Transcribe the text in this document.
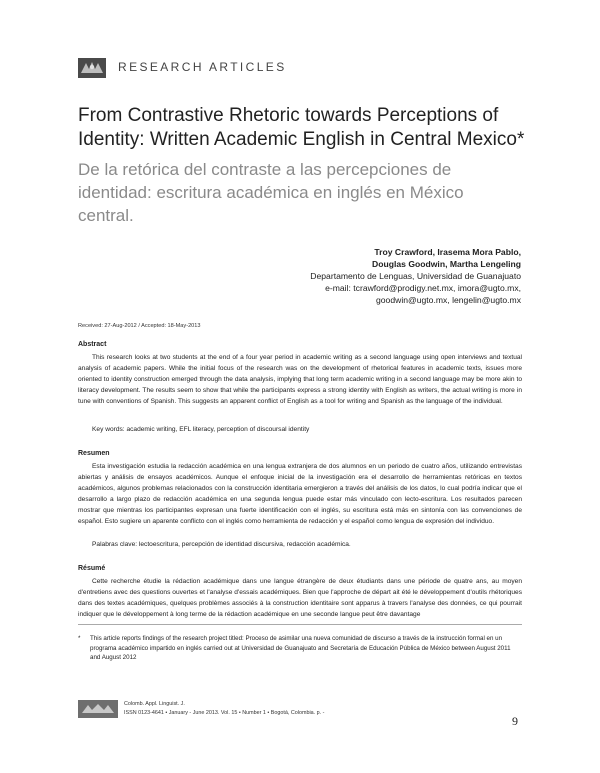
RESEARCH ARTICLES
From Contrastive Rhetoric towards Perceptions of Identity: Written Academic English in Central Mexico*
De la retórica del contraste a las percepciones de identidad: escritura académica en inglés en México central.
Troy Crawford, Irasema Mora Pablo,
Douglas Goodwin, Martha Lengeling
Departamento de Lenguas, Universidad de Guanajuato
e-mail: tcrawford@prodigy.net.mx, imora@ugto.mx,
goodwin@ugto.mx, lengelin@ugto.mx
Received: 27-Aug-2012 / Accepted: 18-May-2013
Abstract
This research looks at two students at the end of a four year period in academic writing as a second language using open interviews and textual analysis of academic papers. While the initial focus of the research was on the development of rhetorical features in academic texts, issues more oriented to identity construction emerged through the data analysis, implying that long term academic writing in a second language may be more akin to literacy development. The results seem to show that while the participants express a strong identity with English as writers, the actual writing is more in tune with conventions of Spanish. This suggests an apparent conflict of English as a tool for writing and Spanish as the language of the individual.
Key words: academic writing, EFL literacy, perception of discoursal identity
Resumen
Esta investigación estudia la redacción académica en una lengua extranjera de dos alumnos en un periodo de cuatro años, utilizando entrevistas abiertas y análisis de ensayos académicos. Aunque el enfoque inicial de la investigación era el desarrollo de herramientas retóricas en textos académicos, algunos problemas relacionados con la construcción identitaria emergieron a través del análisis de los datos, lo cual podría indicar que el desarrollo a largo plazo de redacción académica en una segunda lengua puede estar más vinculado con lecto-escritura. Los resultados parecen mostrar que mientras los participantes expresan una fuerte identificación con el inglés, su escritura está más en sintonía con las convenciones de español. Esto sugiere un aparente conflicto con el inglés como herramienta de redacción y el español como lengua de expresión del individuo.
Palabras clave: lectoescritura, percepción de identidad discursiva, redacción académica.
Résumé
Cette recherche étudie la rédaction académique dans une langue étrangère de deux étudiants dans une période de quatre ans, au moyen d'entretiens avec des questions ouvertes et l'analyse d'essais académiques. Bien que l'approche de départ ait été le développement d'outils rhétoriques dans des textes académiques, quelques problèmes associés à la construction identitaire sont apparus à travers l'analyse des données, ce qui pourrait indiquer que le développement à long terme de la rédaction académique en une seconde langue peut être davantage
*	This article reports findings of the research project titled: Proceso de asimilar una nueva comunidad de discurso a través de la instrucción formal en un programa académico impartido en inglés carried out at Universidad de Guanajuato and Secretaría de Educación Pública de México between August 2011 and August 2012
Colomb. Appl. Linguist. J.
ISSN 0123-4641 • January - June 2013. Vol. 15 • Number 1 • Bogotá, Colombia. p. -
9
